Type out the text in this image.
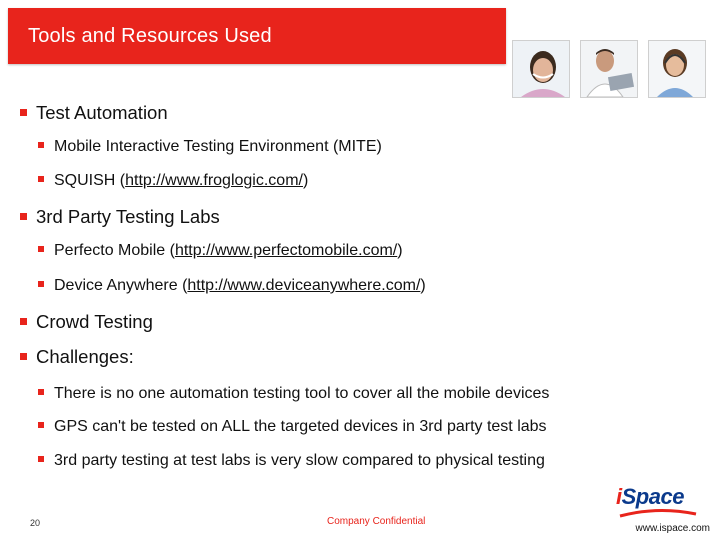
Tools and Resources Used
Test Automation
Mobile Interactive Testing Environment (MITE)
SQUISH (http://www.froglogic.com/)
3rd Party Testing Labs
Perfecto Mobile (http://www.perfectomobile.com/)
Device Anywhere (http://www.deviceanywhere.com/)
Crowd Testing
Challenges:
There is no one automation testing tool to cover all the mobile devices
GPS can't be tested on ALL the targeted devices in 3rd party test labs
3rd party testing at test labs is very slow compared to physical testing
20	Company Confidential
iSpace
www.ispace.com
